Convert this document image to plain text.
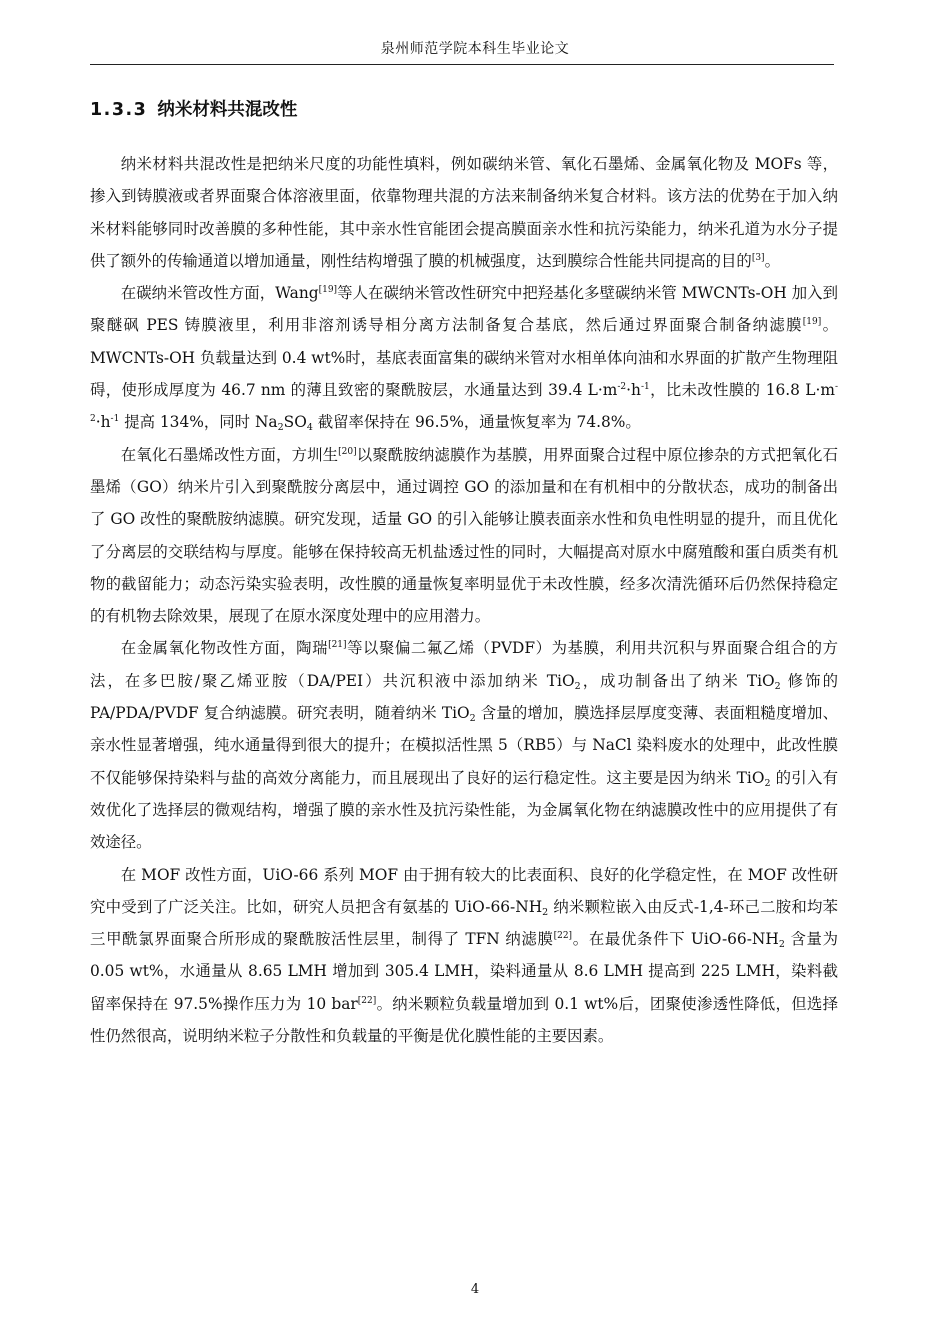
泉州师范学院本科生毕业论文
1.3.3 纳米材料共混改性

纳米材料共混改性是把纳米尺度的功能性填料，例如碳纳米管、氧化石墨烯、金属氧化物及 MOFs 等，掺入到铸膜液或者界面聚合体溶液里面，依靠物理共混的方法来制备纳米复合材料。该方法的优势在于加入纳米材料能够同时改善膜的多种性能，其中亲水性官能团会提高膜面亲水性和抗污染能力，纳米孔道为水分子提供了额外的传输通道以增加通量，刚性结构增强了膜的机械强度，达到膜综合性能共同提高的目的[3]。

在碳纳米管改性方面，Wang[19]等人在碳纳米管改性研究中把羟基化多壁碳纳米管 MWCNTs-OH 加入到聚醚砜 PES 铸膜液里，利用非溶剂诱导相分离方法制备复合基底，然后通过界面聚合制备纳滤膜[19]。MWCNTs-OH 负载量达到 0.4 wt%时，基底表面富集的碳纳米管对水相单体向油和水界面的扩散产生物理阻碍，使形成厚度为 46.7 nm 的薄且致密的聚酰胺层，水通量达到 39.4 $L\cdot m^{-2}\cdot h^{-1}$，比未改性膜的 16.8 $L\cdot m^{-2}\cdot h^{-1}$ 提高 134%，同时 $Na_2SO_4$ 截留率保持在 96.5%，通量恢复率为 74.8%。

在氧化石墨烯改性方面，方圳生[20]以聚酰胺纳滤膜作为基膜，用界面聚合过程中原位掺杂的方式把氧化石墨烯（GO）纳米片引入到聚酰胺分离层中，通过调控 GO 的添加量和在有机相中的分散状态，成功的制备出了 GO 改性的聚酰胺纳滤膜。研究发现，适量 GO 的引入能够让膜表面亲水性和负电性明显的提升，而且优化了分离层的交联结构与厚度。能够在保持较高无机盐透过性的同时，大幅提高对原水中腐殖酸和蛋白质类有机物的截留能力；动态污染实验表明，改性膜的通量恢复率明显优于未改性膜，经多次清洗循环后仍然保持稳定的有机物去除效果，展现了在原水深度处理中的应用潜力。

在金属氧化物改性方面，陶瑞[21]等以聚偏二氟乙烯（PVDF）为基膜，利用共沉积与界面聚合组合的方法，在多巴胺/聚乙烯亚胺（DA/PEI）共沉积液中添加纳米 TiO$_2$，成功制备出了纳米 TiO$_2$ 修饰的 PA/PDA/PVDF 复合纳滤膜。研究表明，随着纳米 TiO$_2$ 含量的增加，膜选择层厚度变薄、表面粗糙度增加、亲水性显著增强，纯水通量得到很大的提升；在模拟活性黑 5（RB5）与 NaCl 染料废水的处理中，此改性膜不仅能够保持染料与盐的高效分离能力，而且展现出了良好的运行稳定性。这主要是因为纳米 TiO$_2$ 的引入有效优化了选择层的微观结构，增强了膜的亲水性及抗污染性能，为金属氧化物在纳滤膜改性中的应用提供了有效途径。

在 MOF 改性方面，UiO-66 系列 MOF 由于拥有较大的比表面积、良好的化学稳定性，在 MOF 改性研究中受到了广泛关注。比如，研究人员把含有氨基的 UiO-$66-NH_2$ 纳米颗粒嵌入由反式-1,4-环己二胺和均苯三甲酰氯界面聚合所形成的聚酰胺活性层里，制得了 TFN 纳滤膜[22]。在最优条件下 UiO-$66-NH_2$ 含量为 0.05 wt%，水通量从 8.65 LMH 增加到 305.4 LMH，染料通量从 8.6 LMH 提高到 225 LMH，染料截留率保持在 97.5%操作压力为 10 bar[22]。纳米颗粒负载量增加到 0.1 wt%后，团聚使渗透性降低，但选择性仍然很高，说明纳米粒子分散性和负载量的平衡是优化膜性能的主要因素。

4
